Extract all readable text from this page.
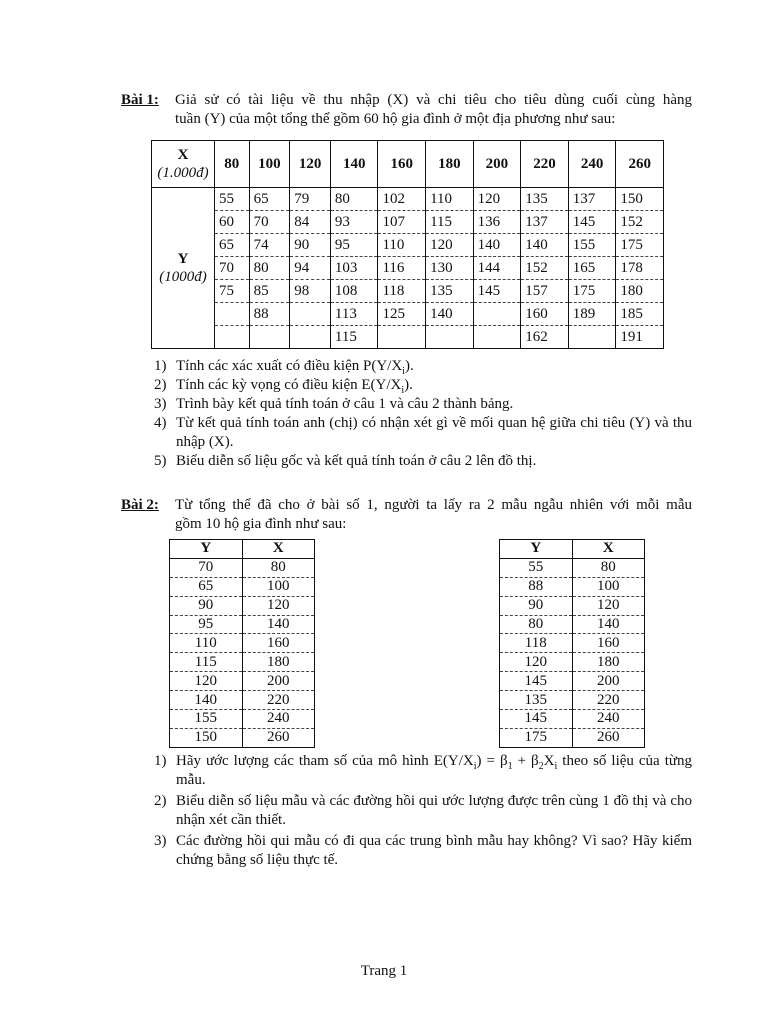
Bài 1: Giả sử có tài liệu về thu nhập (X) và chi tiêu cho tiêu dùng cuối cùng hàng
tuần (Y) của một tổng thể gồm 60 hộ gia đình ở một địa phương như sau:
X
(1.000đ)	80	100	120	140	160	180	200	220	240	260
Y
(1000đ)	55	65	79	80	102	110	120	135	137	150
	60	70	84	93	107	115	136	137	145	152
	65	74	90	95	110	120	140	140	155	175
	70	80	94	103	116	130	144	152	165	178
	75	85	98	108	118	135	145	157	175	180
		88		113	125	140		160	189	185
				115				162		191
1) Tính các xác xuất có điều kiện $P(Y/X_i)$.
2) Tính các kỳ vọng có điều kiện $E(Y/X_i)$.
3) Trình bày kết quả tính toán ở câu 1 và câu 2 thành bảng.
4) Từ kết quả tính toán anh (chị) có nhận xét gì về mối quan hệ giữa chi tiêu (Y) và thu nhập (X).
5) Biểu diễn số liệu gốc và kết quả tính toán ở câu 2 lên đồ thị.
Bài 2: Từ tổng thể đã cho ở bài số 1, người ta lấy ra 2 mẫu ngẫu nhiên với mỗi mẫu
gồm 10 hộ gia đình như sau:
Y	X
70	80
65	100
90	120
95	140
110	160
115	180
120	200
140	220
155	240
150	260
Y	X
55	80
88	100
90	120
80	140
118	160
120	180
145	200
135	220
145	240
175	260
1) Hãy ước lượng các tham số của mô hình $E(Y/X_i) = \beta_1 + \beta_2X_i$ theo số liệu của từng mẫu.
2) Biểu diễn số liệu mẫu và các đường hồi qui ước lượng được trên cùng 1 đồ thị và cho nhận xét cần thiết.
3) Các đường hồi qui mẫu có đi qua các trung bình mẫu hay không? Vì sao? Hãy kiểm chứng bằng số liệu thực tế.
Trang 1
